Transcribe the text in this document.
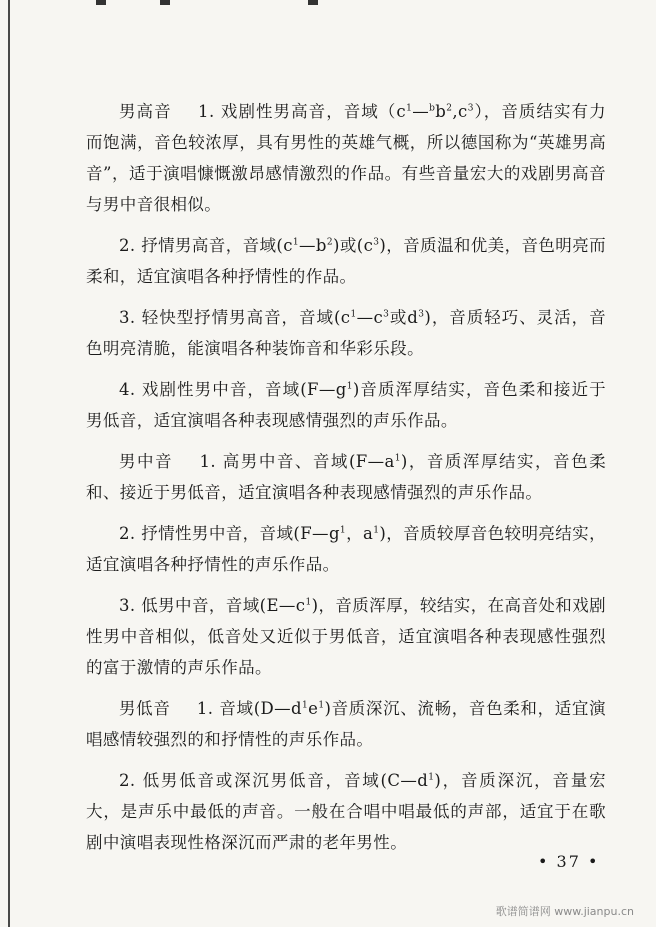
男高音 1. 戏剧性男高音，音域$(c^1—^bb^2,c^3)$，音质结实有力而饱满，音色较浓厚，具有男性的英雄气概，所以德国称为“英雄男高音”，适于演唱慷慨激昂感情激烈的作品。有些音量宏大的戏剧男高音与男中音很相似。

2. 抒情男高音，音域$(c^1—b^2)$或$(c^3)$，音质温和优美，音色明亮而柔和，适宜演唱各种抒情性的作品。

3. 轻快型抒情男高音，音域($c^1—c^3$或$d^3$)，音质轻巧、灵活，音色明亮清脆，能演唱各种装饰音和华彩乐段。

4. 戏剧性男中音，音域$(F—g^1)$音质浑厚结实，音色柔和接近于男低音，适宜演唱各种表现感情强烈的声乐作品。

男中音 1. 高男中音、音域$(F—a^1)$，音质浑厚结实，音色柔和、接近于男低音，适宜演唱各种表现感情强烈的声乐作品。

2. 抒情性男中音，音域($F—g^1$，$a^1$)，音质较厚音色较明亮结实，适宜演唱各种抒情性的声乐作品。

3. 低男中音，音域$(E—c^1)$，音质浑厚，较结实，在高音处和戏剧性男中音相似，低音处又近似于男低音，适宜演唱各种表现感性强烈的富于激情的声乐作品。

男低音 1. 音域$(D—d^1e^1)$音质深沉、流畅，音色柔和，适宜演唱感情较强烈的和抒情性的声乐作品。

2. 低男低音或深沉男低音，音域$(C—d^1)$，音质深沉，音量宏大，是声乐中最低的声音。一般在合唱中唱最低的声部，适宜于在歌剧中演唱表现性格深沉而严肃的老年男性。

• 37 •
歌谱简谱网 www.jianpu.cn
